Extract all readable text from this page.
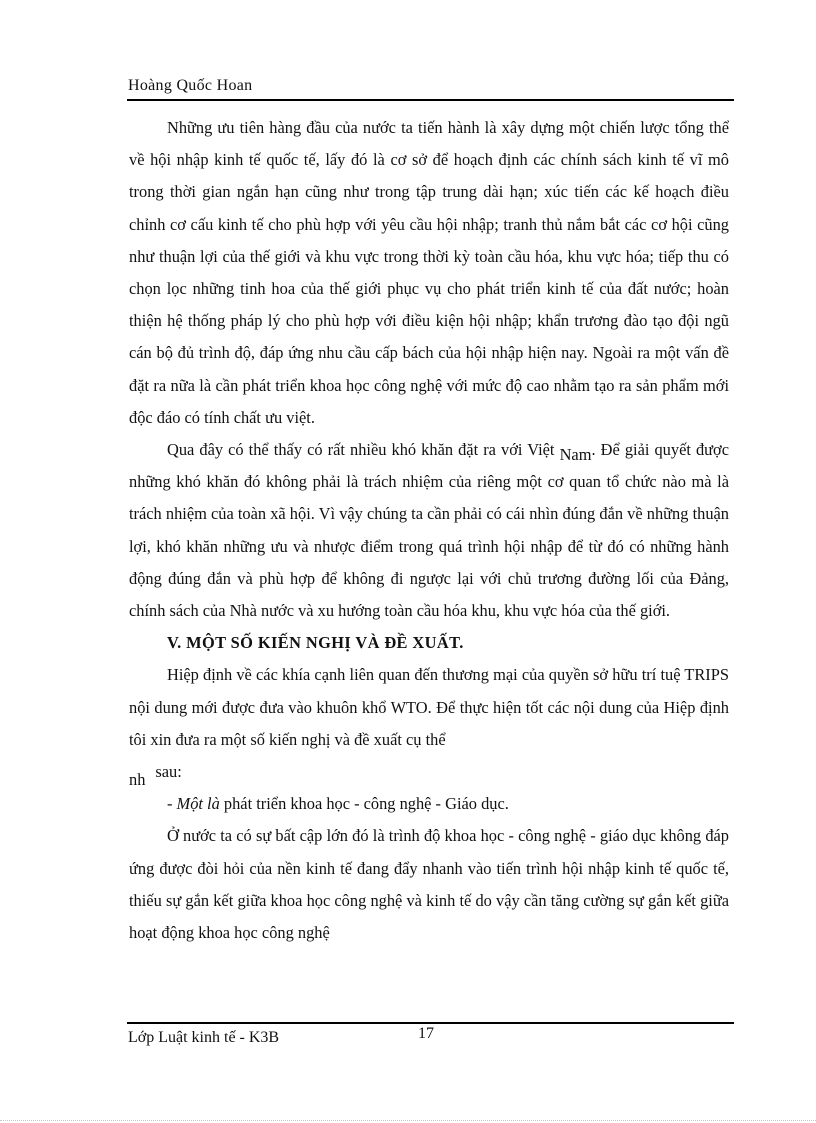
Hoàng Quốc Hoan

Những ưu tiên hàng đầu của nước ta tiến hành là xây dựng một chiến lược tổng thể về hội nhập kinh tế quốc tế, lấy đó là cơ sở để hoạch định các chính sách kinh tế vĩ mô trong thời gian ngắn hạn cũng như trong tập trung dài hạn; xúc tiến các kế hoạch điều chỉnh cơ cấu kinh tế cho phù hợp với yêu cầu hội nhập; tranh thủ nắm bắt các cơ hội cũng như thuận lợi của thế giới và khu vực trong thời kỳ toàn cầu hóa, khu vực hóa; tiếp thu có chọn lọc những tinh hoa của thế giới phục vụ cho phát triển kinh tế của đất nước; hoàn thiện hệ thống pháp lý cho phù hợp với điều kiện hội nhập; khẩn trương đào tạo đội ngũ cán bộ đủ trình độ, đáp ứng nhu cầu cấp bách của hội nhập hiện nay. Ngoài ra một vấn đề đặt ra nữa là cần phát triển khoa học công nghệ với mức độ cao nhằm tạo ra sản phẩm mới độc đáo có tính chất ưu việt.

Qua đây có thể thấy có rất nhiều khó khăn đặt ra với Việt Nam. Để giải quyết được những khó khăn đó không phải là trách nhiệm của riêng một cơ quan tổ chức nào mà là trách nhiệm của toàn xã hội. Vì vậy chúng ta cần phải có cái nhìn đúng đắn về những thuận lợi, khó khăn những ưu và nhược điểm trong quá trình hội nhập để từ đó có những hành động đúng đắn và phù hợp để không đi ngược lại với chủ trương đường lối của Đảng, chính sách của Nhà nước và xu hướng toàn cầu hóa khu, khu vực hóa của thế giới.

V. MỘT SỐ KIẾN NGHỊ VÀ ĐỀ XUẤT.

Hiệp định về các khía cạnh liên quan đến thương mại của quyền sở hữu trí tuệ TRIPS nội dung mới được đưa vào khuôn khổ WTO. Để thực hiện tốt các nội dung của Hiệp định tôi xin đưa ra một số kiến nghị và đề xuất cụ thể

nh sau:

- Một là phát triển khoa học - công nghệ - Giáo dục.

Ở nước ta có sự bất cập lớn đó là trình độ khoa học - công nghệ - giáo dục không đáp ứng được đòi hỏi của nền kinh tế đang đẩy nhanh vào tiến trình hội nhập kinh tế quốc tế, thiếu sự gắn kết giữa khoa học công nghệ và kinh tế do vậy cần tăng cường sự gắn kết giữa hoạt động khoa học công nghệ

Lớp Luật kinh tế - K3B	17
